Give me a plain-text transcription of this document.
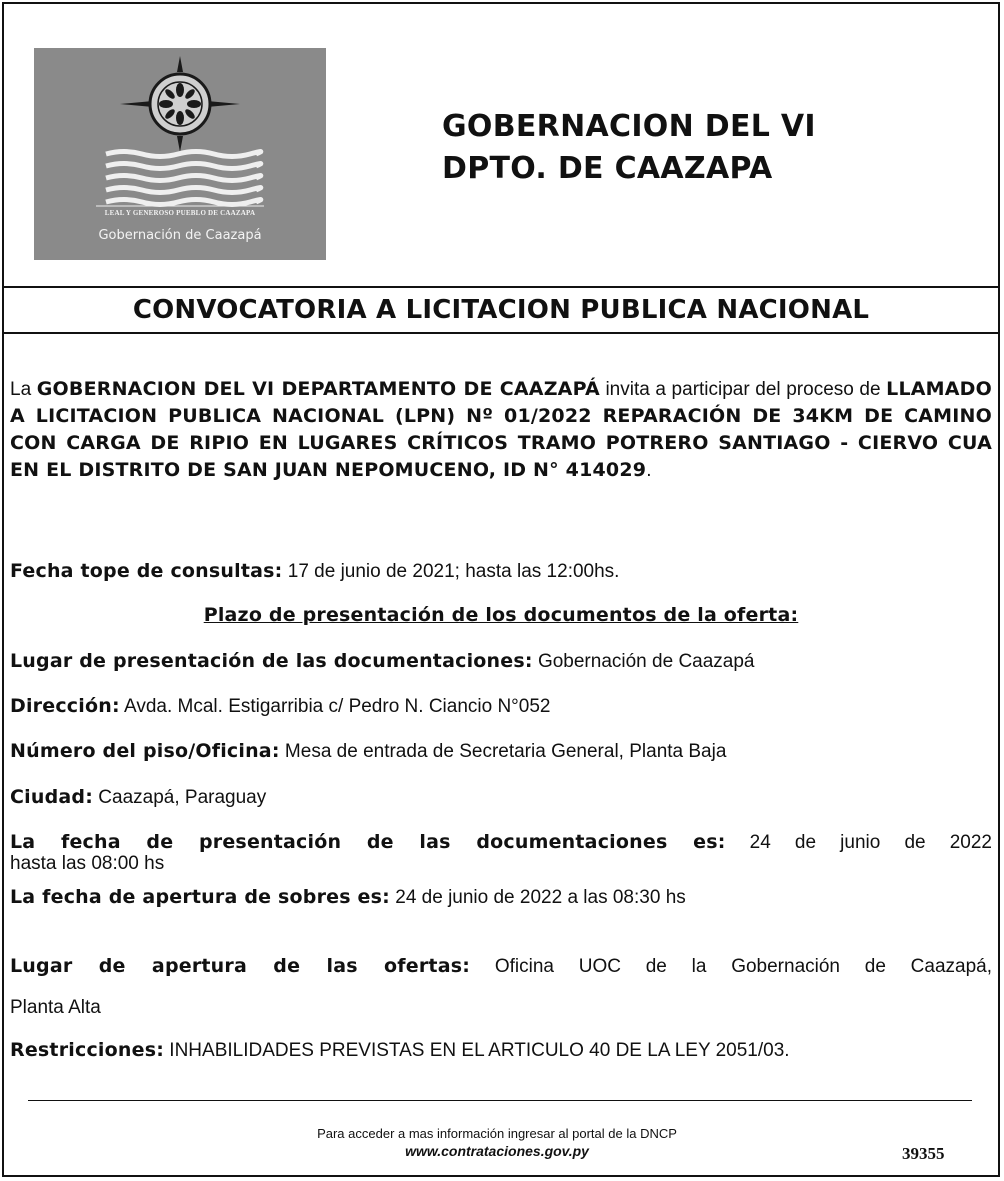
LEAL Y GENEROSO PUEBLO DE CAAZAPA
Gobernación de Caazapá
GOBERNACION DEL VI
DPTO. DE CAAZAPA
CONVOCATORIA A LICITACION PUBLICA NACIONAL

La GOBERNACION DEL VI DEPARTAMENTO DE CAAZAPÁ invita a participar del proceso de LLAMADO A LICITACION PUBLICA NACIONAL (LPN) Nº 01/2022 REPARACIÓN DE 34KM DE CAMINO CON CARGA DE RIPIO EN LUGARES CRÍTICOS TRAMO POTRERO SANTIAGO - CIERVO CUA EN EL DISTRITO DE SAN JUAN NEPOMUCENO, ID N° 414029.

Fecha tope de consultas: 17 de junio de 2021; hasta las 12:00hs.

Plazo de presentación de los documentos de la oferta:

Lugar de presentación de las documentaciones: Gobernación de Caazapá

Dirección: Avda. Mcal. Estigarribia c/ Pedro N. Ciancio N°052

Número del piso/Oficina: Mesa de entrada de Secretaria General, Planta Baja

Ciudad: Caazapá, Paraguay

La fecha de presentación de las documentaciones es: 24 de junio de 2022

hasta las 08:00 hs

La fecha de apertura de sobres es: 24 de junio de 2022 a las 08:30 hs

Lugar de apertura de las ofertas: Oficina UOC de la Gobernación de Caazapá,

Planta Alta

Restricciones: INHABILIDADES PREVISTAS EN EL ARTICULO 40 DE LA LEY 2051/03.

Para acceder a mas información ingresar al portal de la DNCP
www.contrataciones.gov.py	39355
